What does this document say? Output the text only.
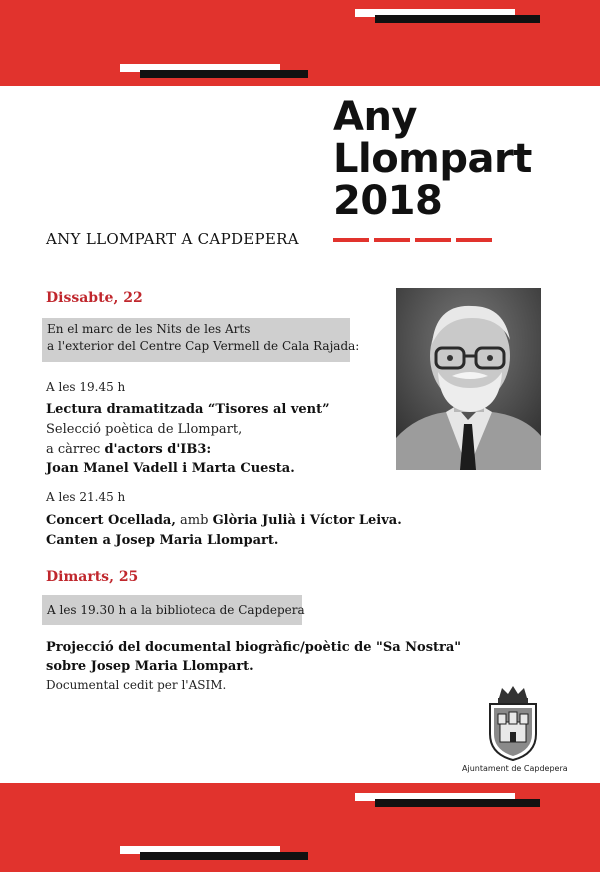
Any
Llompart
2018
ANY LLOMPART A CAPDEPERA
Dissabte, 22
En el marc de les Nits de les Arts
a l'exterior del Centre Cap Vermell de Cala Rajada:
A les 19.45 h
Lectura dramatitzada “Tisores al vent”
Selecció poètica de Llompart,
a càrrec d'actors d'IB3:
Joan Manel Vadell i Marta Cuesta.
A les 21.45 h
Concert Ocellada, amb Glòria Julià i Víctor Leiva.
Canten a Josep Maria Llompart.
Dimarts, 25
A les 19.30 h a la biblioteca de Capdepera
Projecció del documental biogràfic/poètic de "Sa Nostra"
sobre Josep Maria Llompart.
Documental cedit per l'ASIM.
Ajuntament de Capdepera
